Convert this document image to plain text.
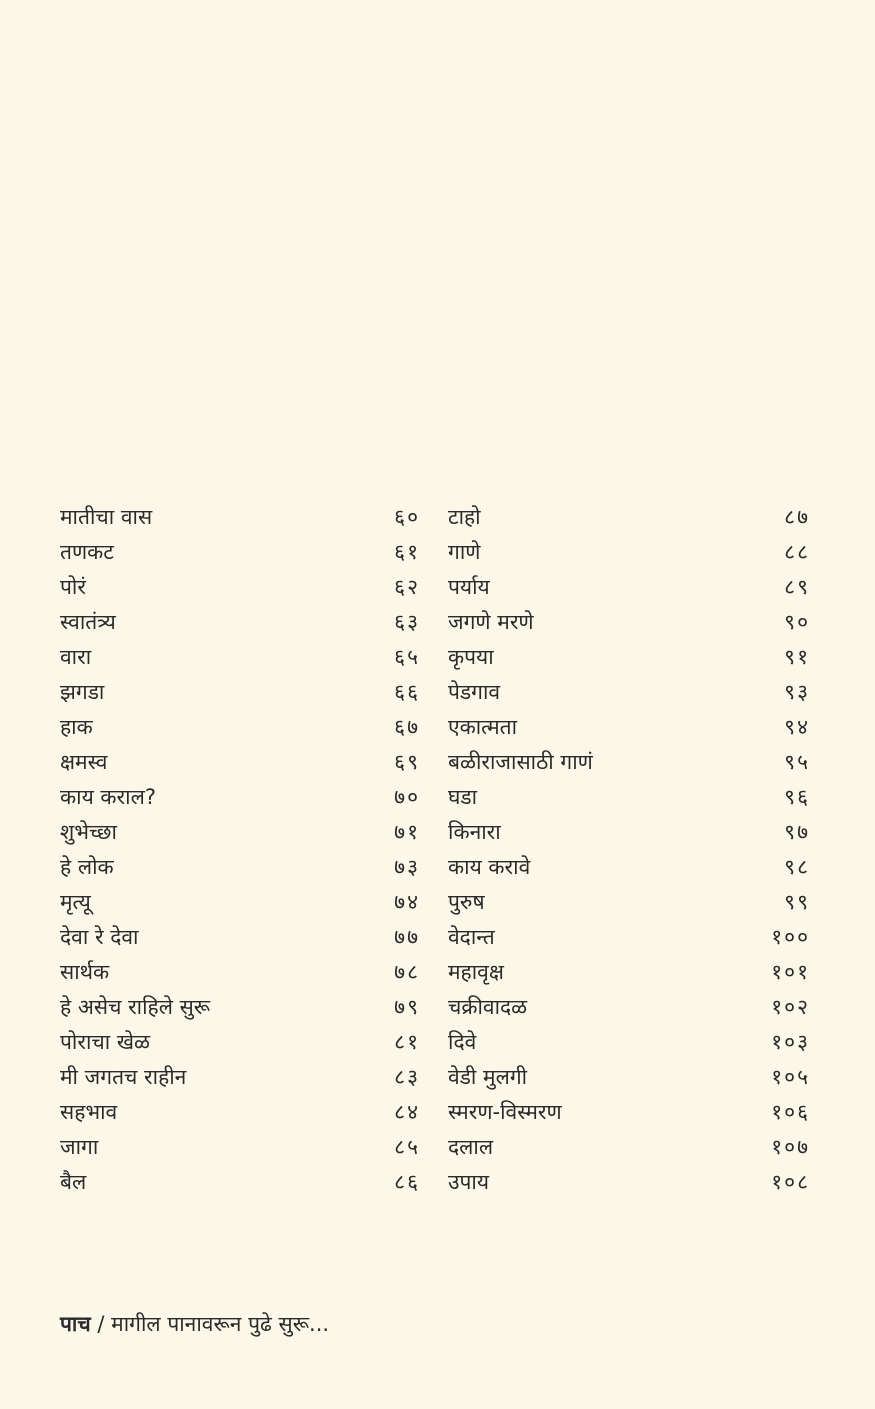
मातीचा वास	६०
तणकट	६१
पोरं	६२
स्वातंत्र्य	६३
वारा	६५
झगडा	६६
हाक	६७
क्षमस्व	६९
काय कराल?	७०
शुभेच्छा	७१
हे लोक	७३
मृत्यू	७४
देवा रे देवा	७७
सार्थक	७८
हे असेच राहिले सुरू	७९
पोराचा खेळ	८१
मी जगतच राहीन	८३
सहभाव	८४
जागा	८५
बैल	८६
टाहो	८७
गाणे	८८
पर्याय	८९
जगणे मरणे	९०
कृपया	९१
पेडगाव	९३
एकात्मता	९४
बळीराजासाठी गाणं	९५
घडा	९६
किनारा	९७
काय करावे	९८
पुरुष	९९
वेदान्त	१००
महावृक्ष	१०१
चक्रीवादळ	१०२
दिवे	१०३
वेडी मुलगी	१०५
स्मरण-विस्मरण	१०६
दलाल	१०७
उपाय	१०८
पाच / मागील पानावरून पुढे सुरू...
